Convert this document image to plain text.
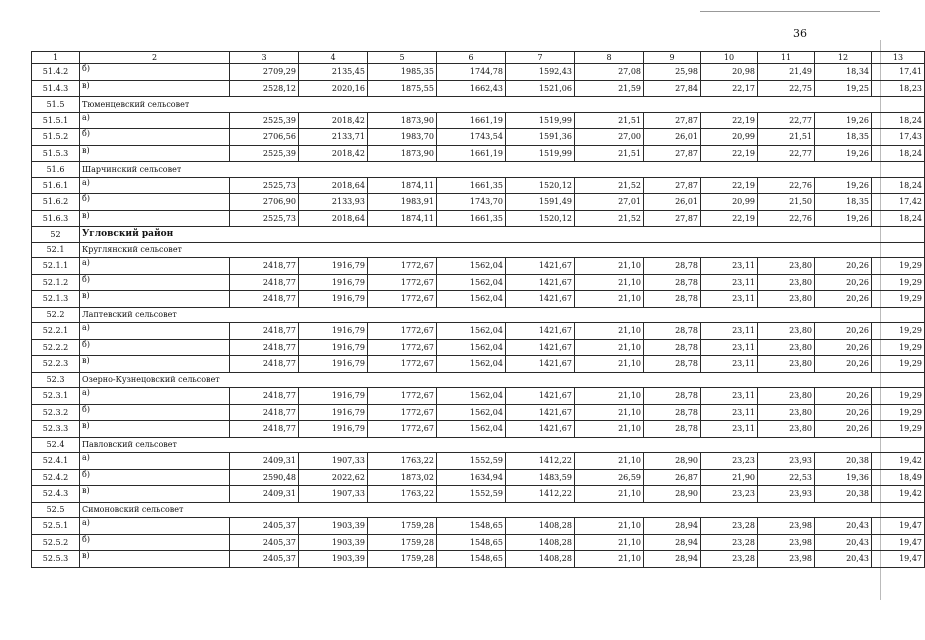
36
1	2	3	4	5	6	7	8	9	10	11	12	13
51.4.2	б)	2709,29	2135,45	1985,35	1744,78	1592,43	27,08	25,98	20,98	21,49	18,34	17,41
51.4.3	в)	2528,12	2020,16	1875,55	1662,43	1521,06	21,59	27,84	22,17	22,75	19,25	18,23
51.5	Тюменцевский сельсовет											
51.5.1	а)	2525,39	2018,42	1873,90	1661,19	1519,99	21,51	27,87	22,19	22,77	19,26	18,24
51.5.2	б)	2706,56	2133,71	1983,70	1743,54	1591,36	27,00	26,01	20,99	21,51	18,35	17,43
51.5.3	в)	2525,39	2018,42	1873,90	1661,19	1519,99	21,51	27,87	22,19	22,77	19,26	18,24
51.6	Шарчинский сельсовет											
51.6.1	а)	2525,73	2018,64	1874,11	1661,35	1520,12	21,52	27,87	22,19	22,76	19,26	18,24
51.6.2	б)	2706,90	2133,93	1983,91	1743,70	1591,49	27,01	26,01	20,99	21,50	18,35	17,42
51.6.3	в)	2525,73	2018,64	1874,11	1661,35	1520,12	21,52	27,87	22,19	22,76	19,26	18,24
52	Угловский район											
52.1	Круглянский сельсовет											
52.1.1	а)	2418,77	1916,79	1772,67	1562,04	1421,67	21,10	28,78	23,11	23,80	20,26	19,29
52.1.2	б)	2418,77	1916,79	1772,67	1562,04	1421,67	21,10	28,78	23,11	23,80	20,26	19,29
52.1.3	в)	2418,77	1916,79	1772,67	1562,04	1421,67	21,10	28,78	23,11	23,80	20,26	19,29
52.2	Лаптевский сельсовет											
52.2.1	а)	2418,77	1916,79	1772,67	1562,04	1421,67	21,10	28,78	23,11	23,80	20,26	19,29
52.2.2	б)	2418,77	1916,79	1772,67	1562,04	1421,67	21,10	28,78	23,11	23,80	20,26	19,29
52.2.3	в)	2418,77	1916,79	1772,67	1562,04	1421,67	21,10	28,78	23,11	23,80	20,26	19,29
52.3	Озерно-Кузнецовский сельсовет											
52.3.1	а)	2418,77	1916,79	1772,67	1562,04	1421,67	21,10	28,78	23,11	23,80	20,26	19,29
52.3.2	б)	2418,77	1916,79	1772,67	1562,04	1421,67	21,10	28,78	23,11	23,80	20,26	19,29
52.3.3	в)	2418,77	1916,79	1772,67	1562,04	1421,67	21,10	28,78	23,11	23,80	20,26	19,29
52.4	Павловский сельсовет											
52.4.1	а)	2409,31	1907,33	1763,22	1552,59	1412,22	21,10	28,90	23,23	23,93	20,38	19,42
52.4.2	б)	2590,48	2022,62	1873,02	1634,94	1483,59	26,59	26,87	21,90	22,53	19,36	18,49
52.4.3	в)	2409,31	1907,33	1763,22	1552,59	1412,22	21,10	28,90	23,23	23,93	20,38	19,42
52.5	Симоновский сельсовет											
52.5.1	а)	2405,37	1903,39	1759,28	1548,65	1408,28	21,10	28,94	23,28	23,98	20,43	19,47
52.5.2	б)	2405,37	1903,39	1759,28	1548,65	1408,28	21,10	28,94	23,28	23,98	20,43	19,47
52.5.3	в)	2405,37	1903,39	1759,28	1548,65	1408,28	21,10	28,94	23,28	23,98	20,43	19,47
